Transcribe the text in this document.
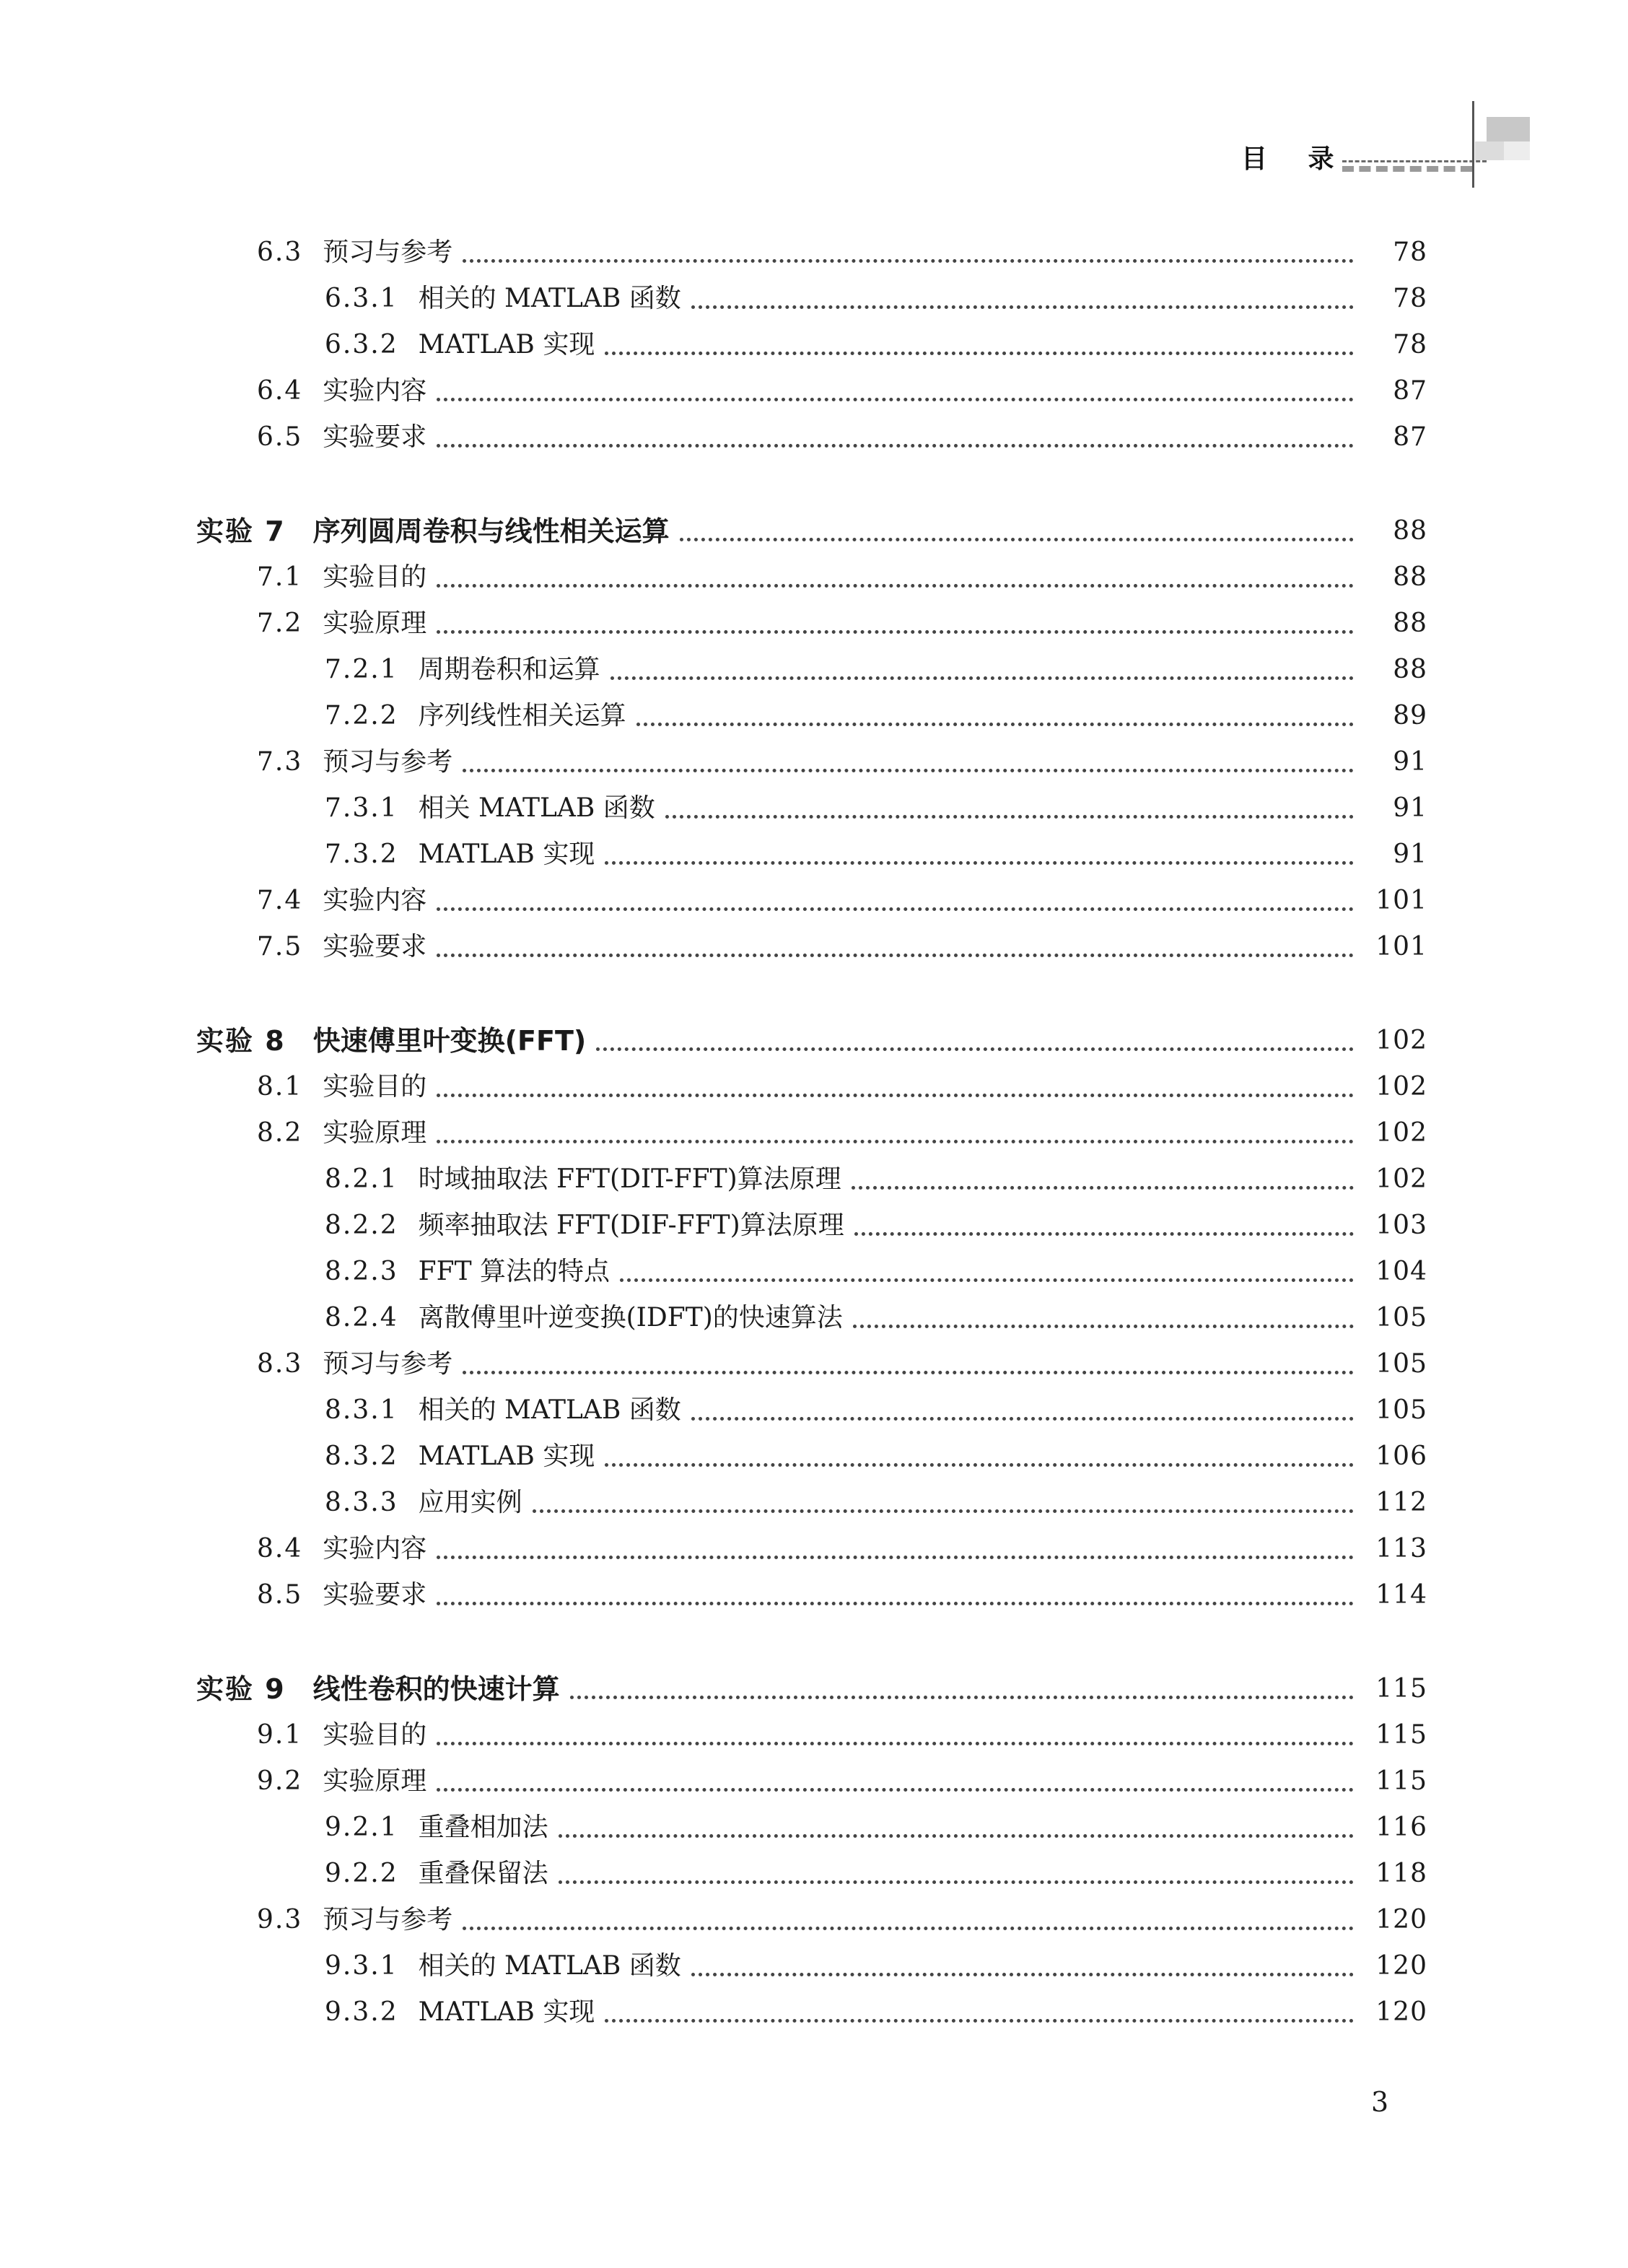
目 录
6.3 预习与参考	78
6.3.1 相关的 MATLAB 函数	78
6.3.2 MATLAB 实现	78
6.4 实验内容	87
6.5 实验要求	87
实验 7	序列圆周卷积与线性相关运算	88
7.1 实验目的	88
7.2 实验原理	88
7.2.1 周期卷积和运算	88
7.2.2 序列线性相关运算	89
7.3 预习与参考	91
7.3.1 相关 MATLAB 函数	91
7.3.2 MATLAB 实现	91
7.4 实验内容	101
7.5 实验要求	101
实验 8	快速傅里叶变换(FFT)	102
8.1 实验目的	102
8.2 实验原理	102
8.2.1 时域抽取法 FFT(DIT-FFT)算法原理	102
8.2.2 频率抽取法 FFT(DIF-FFT)算法原理	103
8.2.3 FFT 算法的特点	104
8.2.4 离散傅里叶逆变换(IDFT)的快速算法	105
8.3 预习与参考	105
8.3.1 相关的 MATLAB 函数	105
8.3.2 MATLAB 实现	106
8.3.3 应用实例	112
8.4 实验内容	113
8.5 实验要求	114
实验 9	线性卷积的快速计算	115
9.1 实验目的	115
9.2 实验原理	115
9.2.1 重叠相加法	116
9.2.2 重叠保留法	118
9.3 预习与参考	120
9.3.1 相关的 MATLAB 函数	120
9.3.2 MATLAB 实现	120
3
